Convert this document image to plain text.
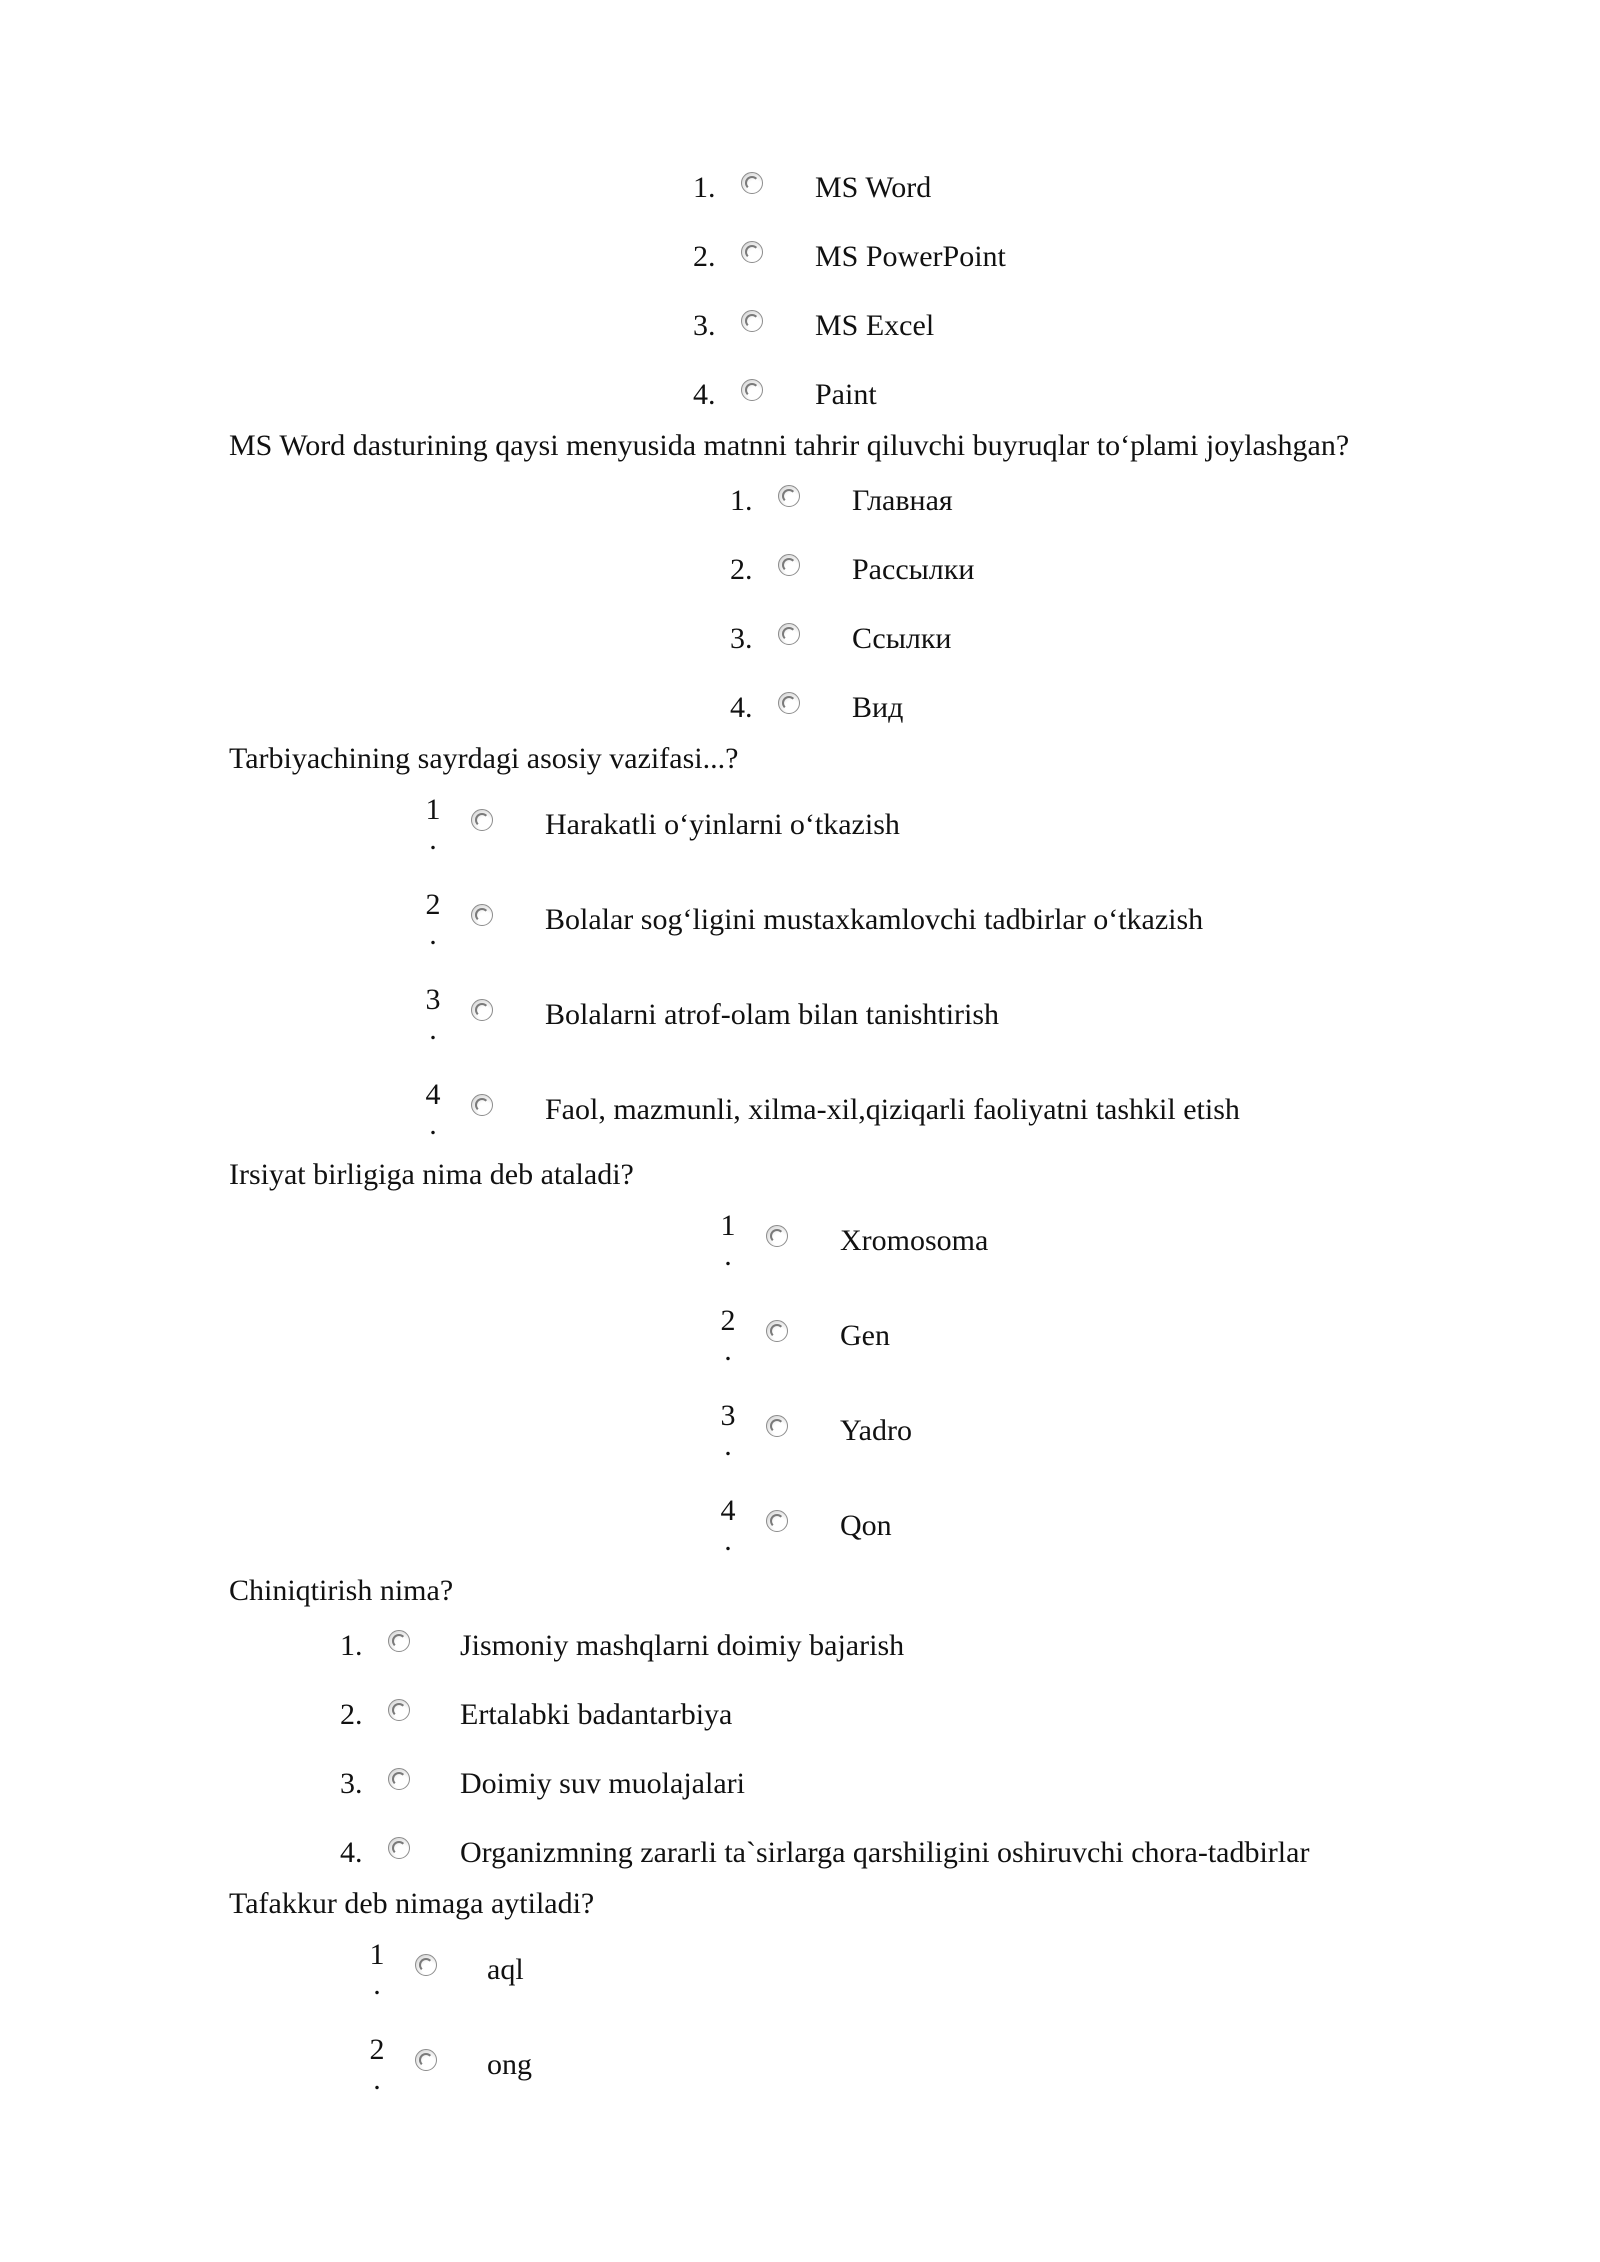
1.	MS Word
2.	MS PowerPoint
3.	MS Excel
4.	Paint
MS Word dasturining qaysi menyusida matnni tahrir qiluvchi buyruqlar to‘plami joylashgan?
1.	Главная
2.	Рассылки
3.	Ссылки
4.	Вид
Tarbiyachining sayrdagi asosiy vazifasi...?
1
.	Harakatli o‘yinlarni o‘tkazish
2
.	Bolalar sog‘ligini mustaxkamlovchi tadbirlar o‘tkazish
3
.	Bolalarni atrof-olam bilan tanishtirish
4
.	Faol, mazmunli, xilma-xil,qiziqarli faoliyatni tashkil etish
Irsiyat birligiga nima deb ataladi?
1
.	Xromosoma
2
.	Gen
3
.	Yadro
4
.	Qon
Chiniqtirish nima?
1.	Jismoniy mashqlarni doimiy bajarish
2.	Ertalabki badantarbiya
3.	Doimiy suv muolajalari
4.	Organizmning zararli ta`sirlarga qarshiligini oshiruvchi chora-tadbirlar
Tafakkur deb nimaga aytiladi?
1
.	aql
2
.	ong
